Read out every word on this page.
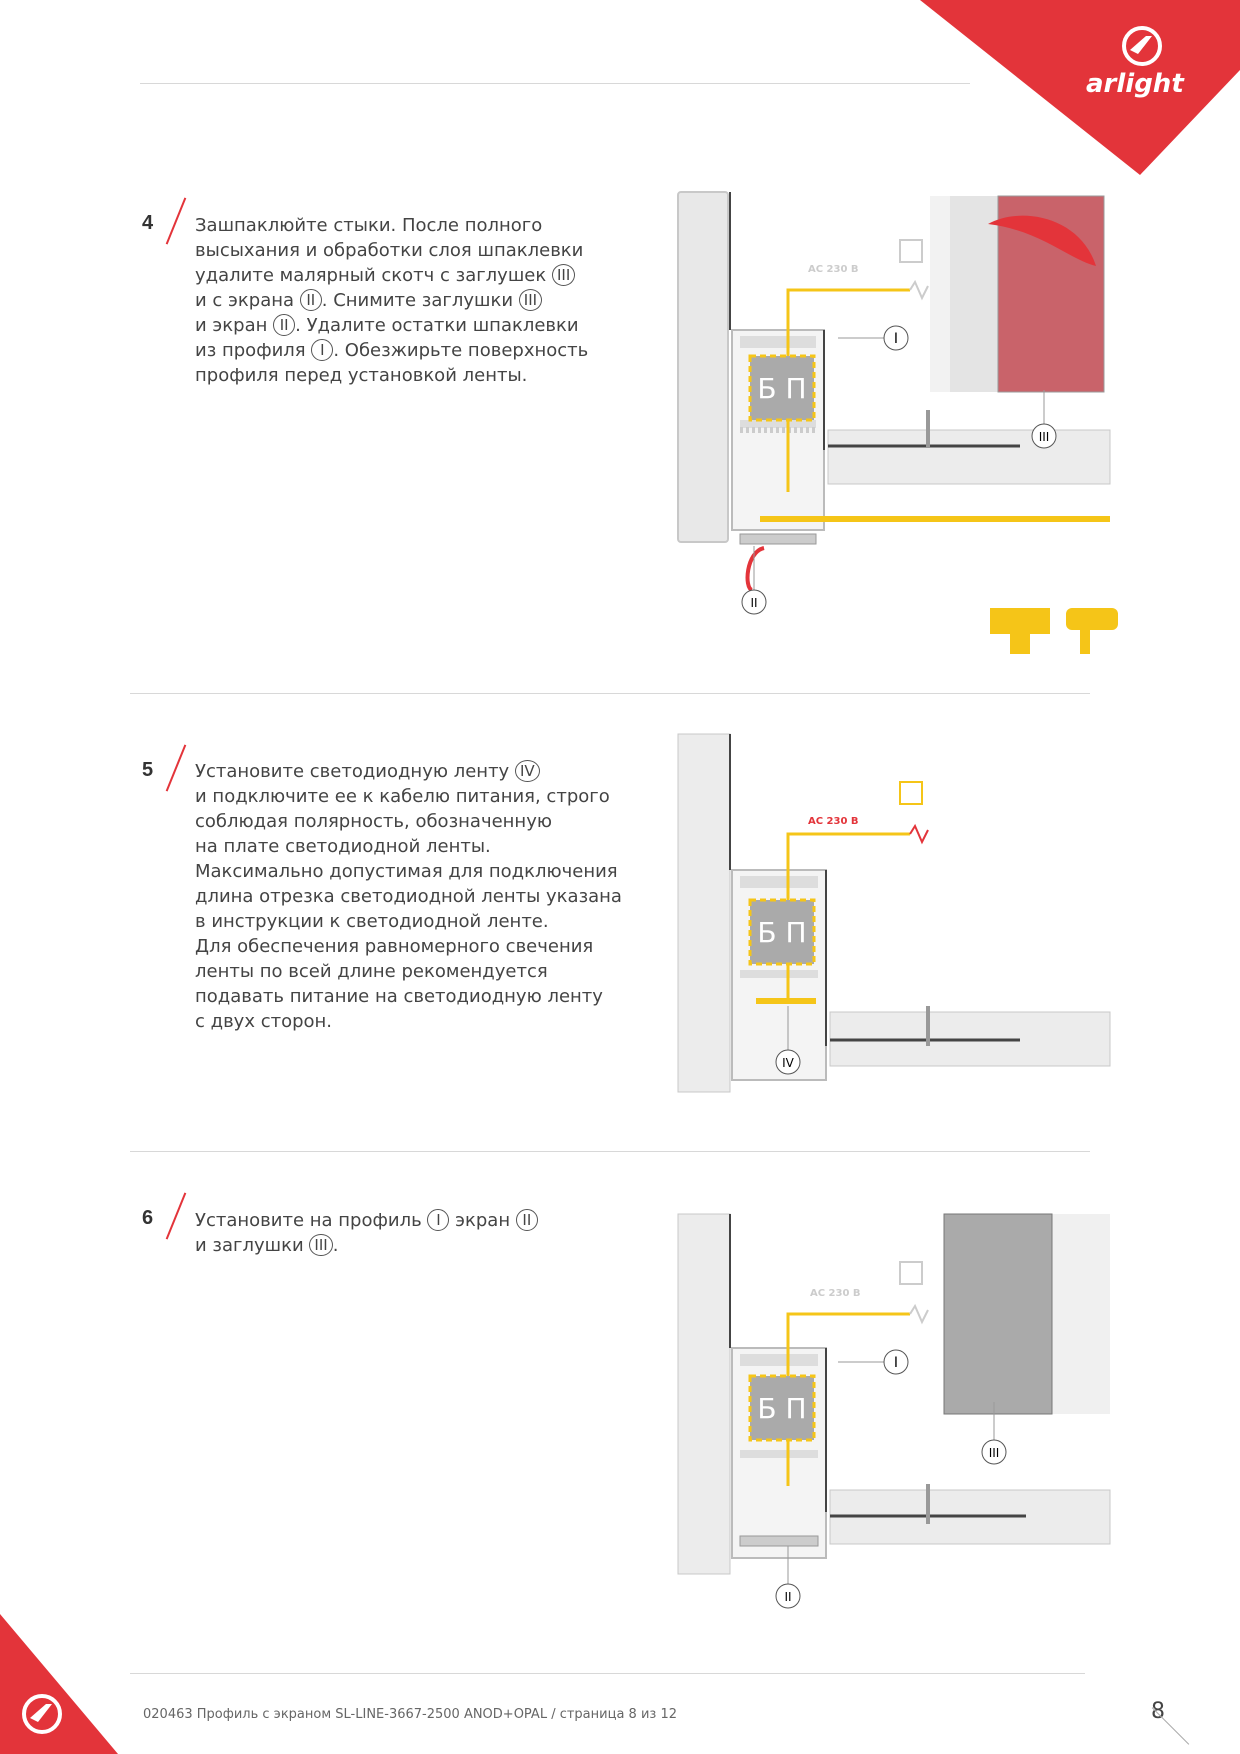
arlight
4 Зашпаклюйте стыки. После полного
высыхания и обработки слоя шпаклевки
удалите малярный скотч с заглушек III
и с экрана II . Снимите заглушки III
и экран II . Удалите остатки шпаклевки
из профиля I . Обезжирьте поверхность
профиля перед установкой ленты.
5 Установите светодиодную ленту IV
и подключите ее к кабелю питания, строго
соблюдая полярность, обозначенную
на плате светодиодной ленты.
Максимально допустимая для подключения
длина отрезка светодиодной ленты указана
в инструкции к светодиодной ленте.
Для обеспечения равномерного свечения
ленты по всей длине рекомендуется
подавать питание на светодиодную ленту
с двух сторон.
6 Установите на профиль I экран II
и заглушки III .
Б П
AC 230 В
I
III
II
Б П
AC 230 В
IV
Б П
AC 230 В
I
III
II
020463 Профиль с экраном SL-LINE-3667-2500 ANOD+OPAL / страница 8 из 12	8
